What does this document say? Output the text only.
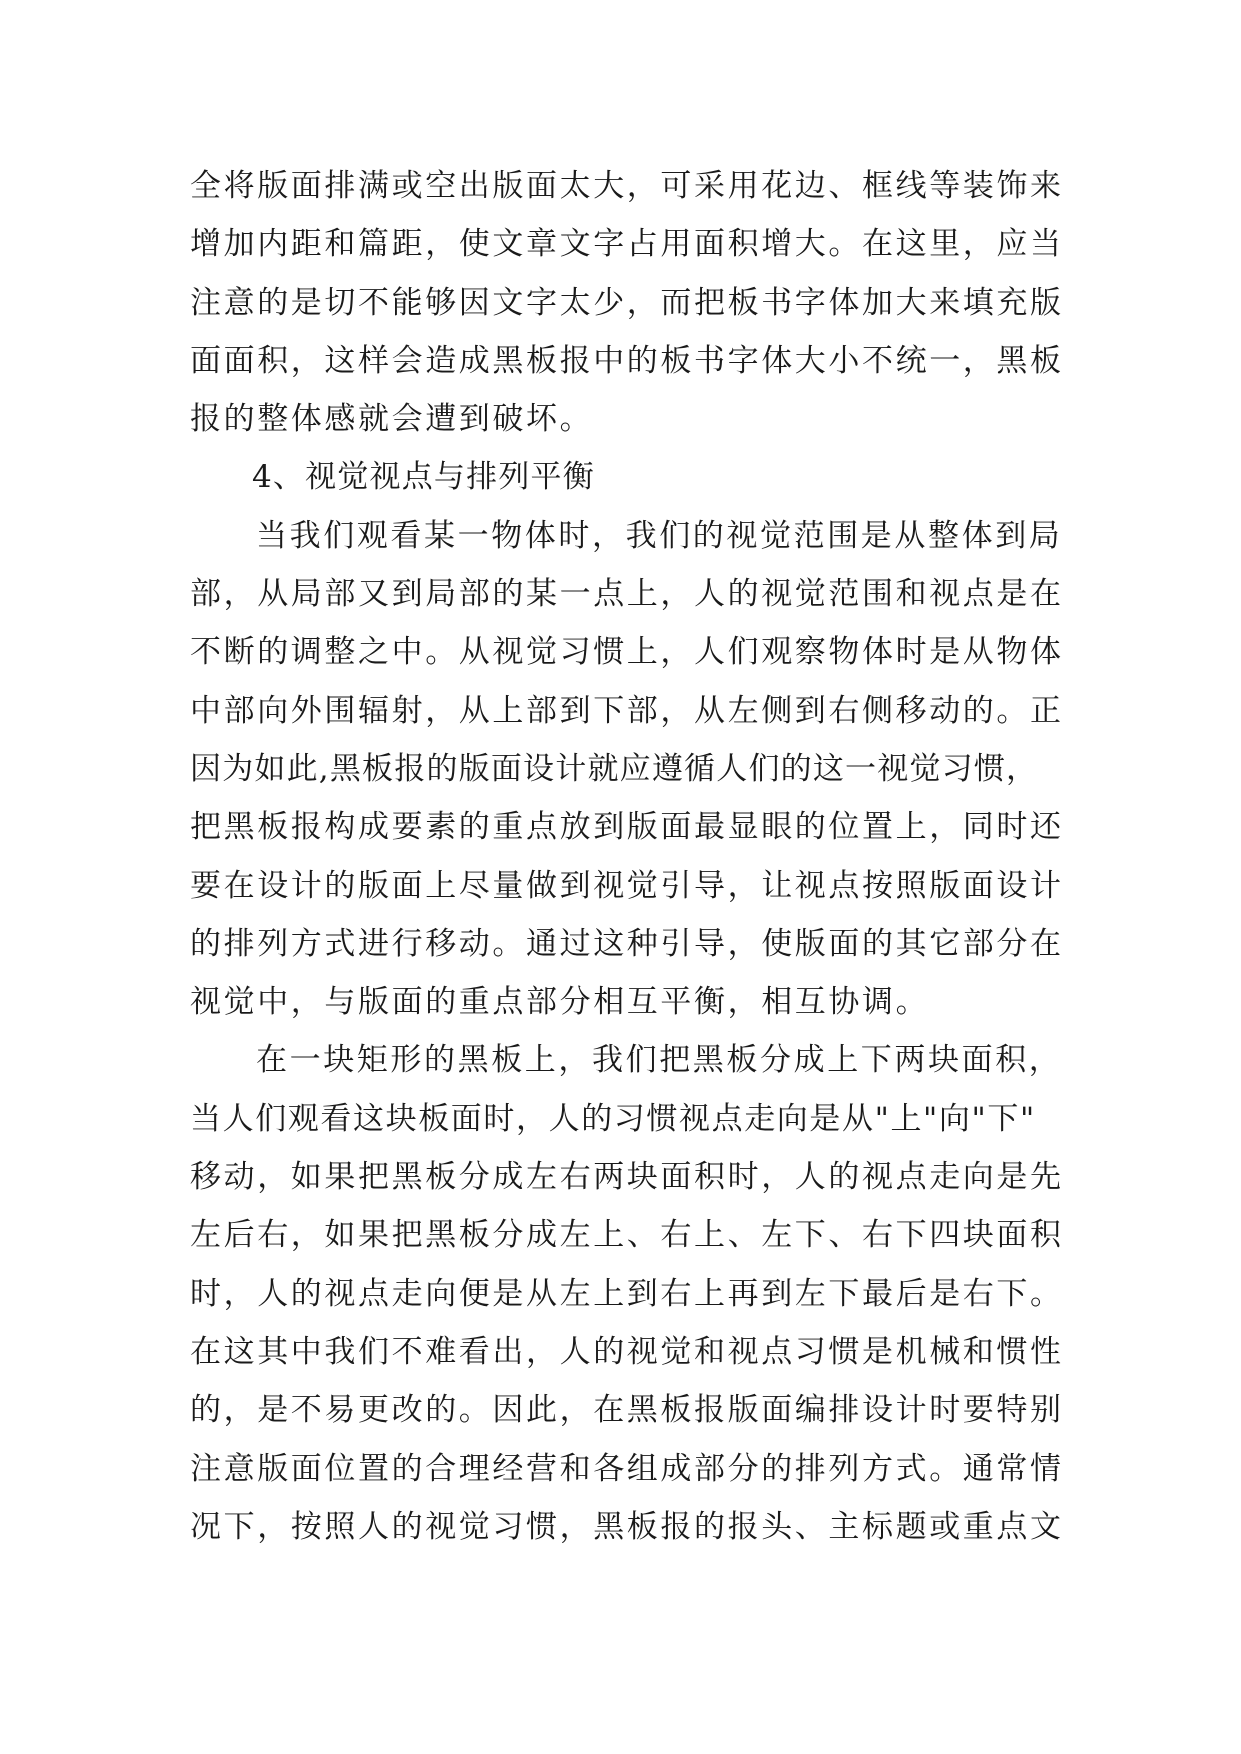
全将版面排满或空出版面太大，可采用花边、框线等装饰来
增加内距和篇距，使文章文字占用面积增大。在这里，应当
注意的是切不能够因文字太少，而把板书字体加大来填充版
面面积，这样会造成黑板报中的板书字体大小不统一，黑板
报的整体感就会遭到破坏。
4、视觉视点与排列平衡
当我们观看某一物体时，我们的视觉范围是从整体到局
部，从局部又到局部的某一点上，人的视觉范围和视点是在
不断的调整之中。从视觉习惯上，人们观察物体时是从物体
中部向外围辐射，从上部到下部，从左侧到右侧移动的。正
因为如此,黑板报的版面设计就应遵循人们的这一视觉习惯，
把黑板报构成要素的重点放到版面最显眼的位置上，同时还
要在设计的版面上尽量做到视觉引导，让视点按照版面设计
的排列方式进行移动。通过这种引导，使版面的其它部分在
视觉中，与版面的重点部分相互平衡，相互协调。
在一块矩形的黑板上，我们把黑板分成上下两块面积，
当人们观看这块板面时，人的习惯视点走向是从"上"向"下"
移动，如果把黑板分成左右两块面积时，人的视点走向是先
左后右，如果把黑板分成左上、右上、左下、右下四块面积
时，人的视点走向便是从左上到右上再到左下最后是右下。
在这其中我们不难看出，人的视觉和视点习惯是机械和惯性
的，是不易更改的。因此，在黑板报版面编排设计时要特别
注意版面位置的合理经营和各组成部分的排列方式。通常情
况下，按照人的视觉习惯，黑板报的报头、主标题或重点文
